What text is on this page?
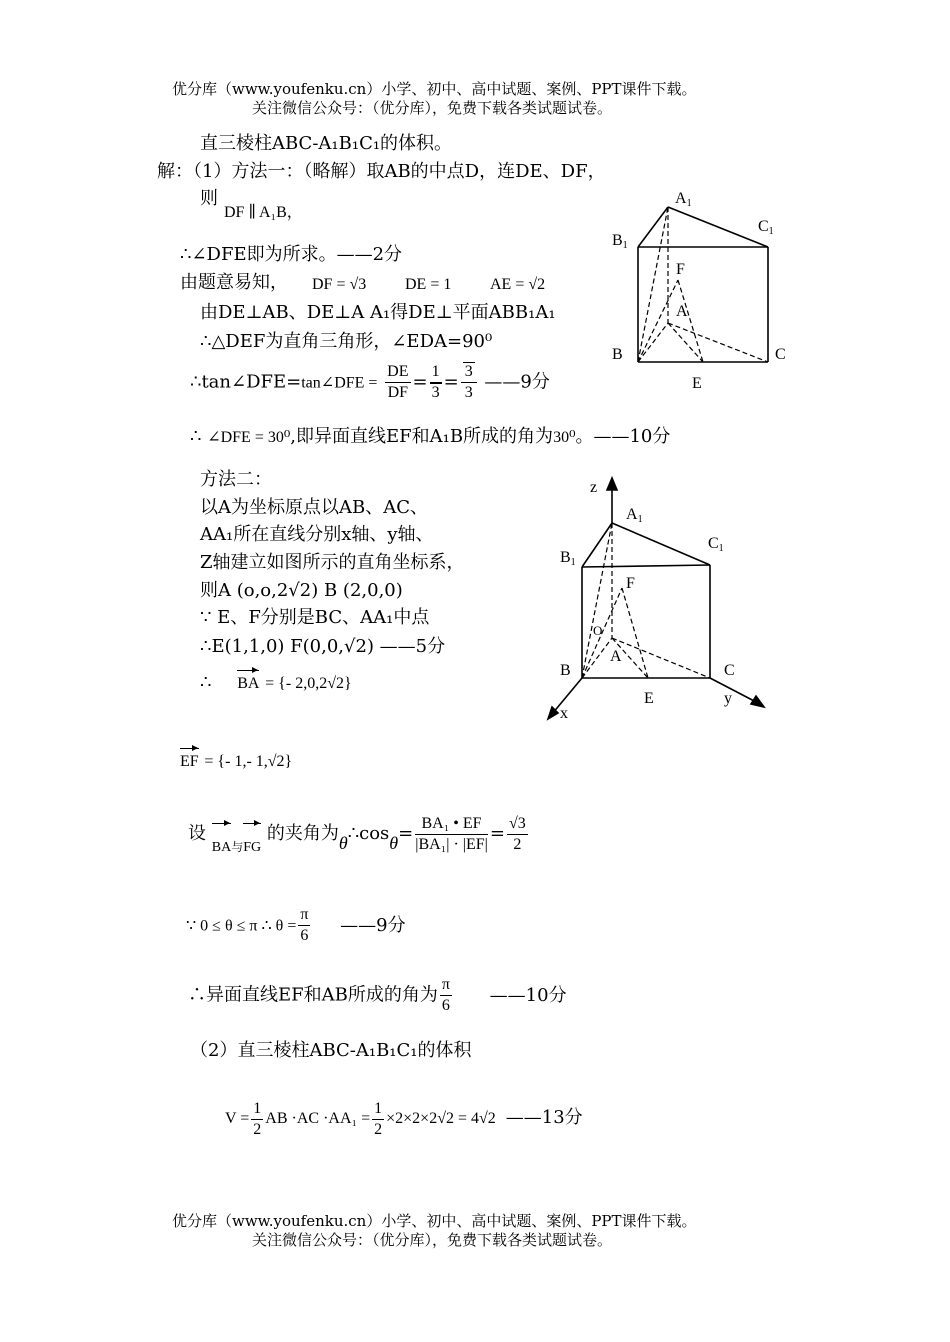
优分库（www.youfenku.cn）小学、初中、高中试题、案例、PPT课件下载。
关注微信公众号：（优分库），免费下载各类试题试卷。
直三棱柱ABC-A₁B₁C₁的体积。
解：（1）方法一：（略解）取AB的中点D，连DE、DF，
则
DF ∥ A₁B，
∴∠DFE即为所求。——2分
由题意易知， DF = √3 DE = 1 AE = √2
由DE⊥AB、DE⊥A A₁得DE⊥平面ABB₁A₁
∴△DEF为直角三角形，∠EDA=90⁰
∴tan∠DFE=tan∠DFE = $\frac{DE}{DF} = \frac{1}{3} = \frac{3}{3}$ ——9分
∴ ∠DFE = 30⁰,即异面直线EF和A₁B所成的角为30⁰。——10分
A1
B1
C1
F
A
B	C
E
方法二：
以A为坐标原点以AB、AC、
AA₁所在直线分别x轴、y轴、
Z轴建立如图所示的直角坐标系，
则A (o,o,2√2) B (2,0,0)
∵ E、F分别是BC、AA₁中点
∴E(1,1,0) F(0,0,√2) ——5分
∴ BA = {- 2,0,2√2}
EF = {- 1,- 1,√2}
z
A1
B1
C1
F
O
A
B	C
E
x
y
设 $BA_与FG$ 的夹角为θ∴cosθ= $\frac{\text{BA₁ • EF}}{\text{|BA₁| · |EF|}} = \frac{√3}{2}$
∵ 0 ≤ θ ≤ π ∴ $\theta = \frac{\pi}{6}$ ——9分
∴异面直线EF和AB所成的角为 $\frac{\pi}{6}$ ——10分
（2）直三棱柱ABC-A₁B₁C₁的体积
$V = \frac{1}{2}$ AB $\cdot AC \cdot AA_1 = \frac{1}{2} \times 2\times 2\times 2√2 = 4√2$ ——13分
优分库（www.youfenku.cn）小学、初中、高中试题、案例、PPT课件下载。
关注微信公众号：（优分库），免费下载各类试题试卷。
